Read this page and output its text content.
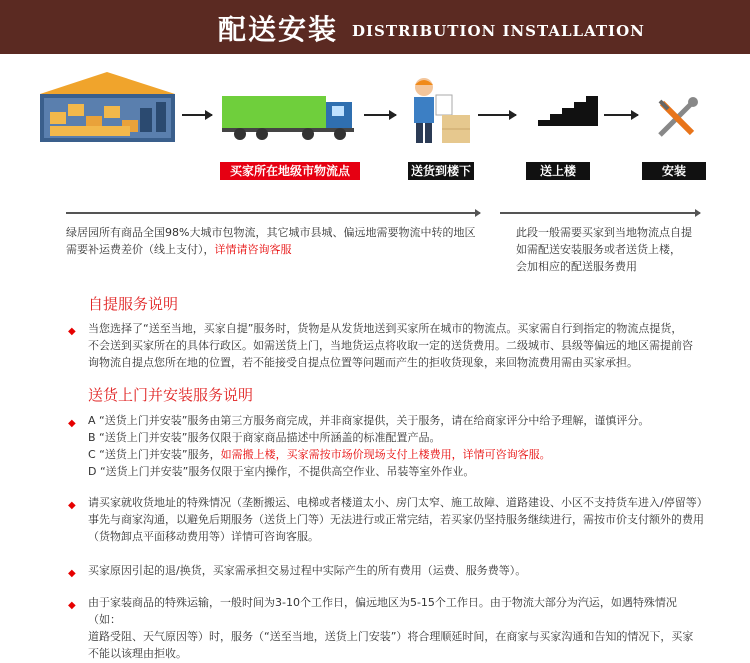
配送安装 DISTRIBUTION INSTALLATION
买家所在地级市物流点	送货到楼下	送上楼	安装
绿居园所有商品全国98%大城市包物流，其它城市县城、偏远地需要物流中转的地区
需要补运费差价（线上支付），详情请咨询客服
此段一般需要买家到当地物流点自提
如需配送安装服务或者送货上楼，
会加相应的配送服务费用
自提服务说明
◆ 当您选择了“送至当地，买家自提”服务时，货物是从发货地送到买家所在城市的物流点。买家需自行到指定的物流点提货，
不会送到买家所在的具体行政区。如需送货上门，当地货运点将收取一定的送货费用。二级城市、县级等偏远的地区需提前咨
询物流自提点您所在地的位置，若不能接受自提点位置等问题而产生的拒收货现象，来回物流费用需由买家承担。
送货上门并安装服务说明
◆ A “送货上门并安装”服务由第三方服务商完成，并非商家提供，关于服务，请在给商家评分中给予理解，谨慎评分。
B “送货上门并安装”服务仅限于商家商品描述中所涵盖的标准配置产品。
C “送货上门并安装”服务，如需搬上楼，买家需按市场价现场支付上楼费用，详情可咨询客服。
D “送货上门并安装”服务仅限于室内操作，不提供高空作业、吊装等室外作业。
◆ 请买家就收货地址的特殊情况（垄断搬运、电梯或者楼道太小、房门太窄、施工故障、道路建设、小区不支持货车进入/停留等）
事先与商家沟通，以避免后期服务（送货上门等）无法进行或正常完结，若买家仍坚持服务继续进行，需按市价支付额外的费用
（货物卸点平面移动费用等）详情可咨询客服。
◆ 买家原因引起的退/换货，买家需承担交易过程中实际产生的所有费用（运费、服务费等）。
◆ 由于家装商品的特殊运输，一般时间为3-10个工作日，偏远地区为5-15个工作日。由于物流大部分为汽运，如遇特殊情况（如：
道路受阻、天气原因等）时，服务（“送至当地，送货上门安装”）将合理顺延时间，在商家与买家沟通和告知的情况下，买家
不能以该理由拒收。
